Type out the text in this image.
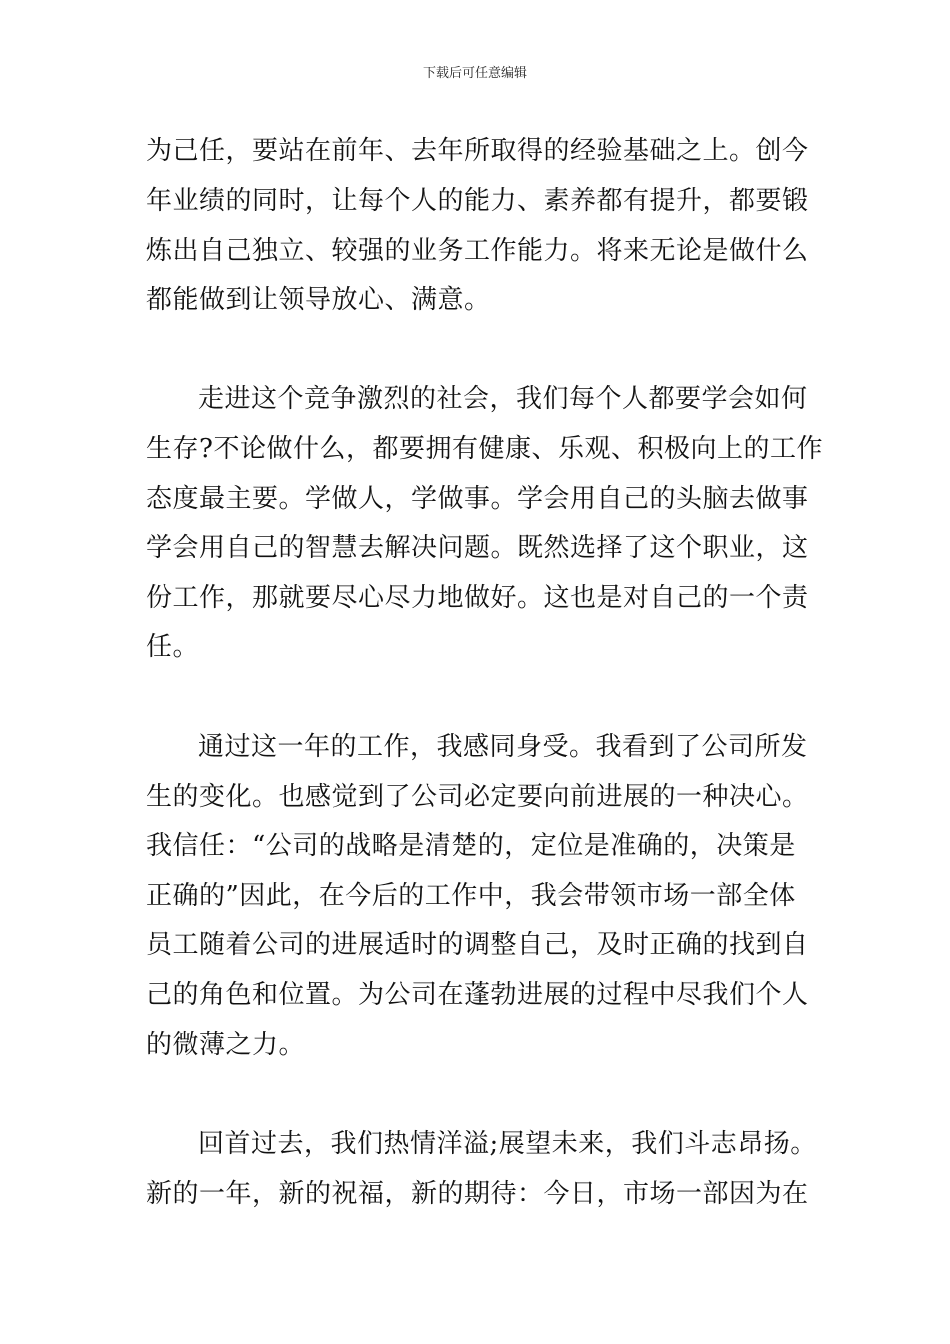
下载后可任意编辑
为己任，要站在前年、去年所取得的经验基础之上。创今
年业绩的同时，让每个人的能力、素养都有提升，都要锻
炼出自己独立、较强的业务工作能力。将来无论是做什么
都能做到让领导放心、满意。
走进这个竞争激烈的社会，我们每个人都要学会如何
生存?不论做什么，都要拥有健康、乐观、积极向上的工作
态度最主要。学做人，学做事。学会用自己的头脑去做事
学会用自己的智慧去解决问题。既然选择了这个职业，这
份工作，那就要尽心尽力地做好。这也是对自己的一个责
任。
通过这一年的工作，我感同身受。我看到了公司所发
生的变化。也感觉到了公司必定要向前进展的一种决心。
我信任：“公司的战略是清楚的，定位是准确的，决策是
正确的”因此，在今后的工作中，我会带领市场一部全体
员工随着公司的进展适时的调整自己，及时正确的找到自
己的角色和位置。为公司在蓬勃进展的过程中尽我们个人
的微薄之力。
回首过去，我们热情洋溢;展望未来，我们斗志昂扬。
新的一年，新的祝福，新的期待：今日，市场一部因为在
